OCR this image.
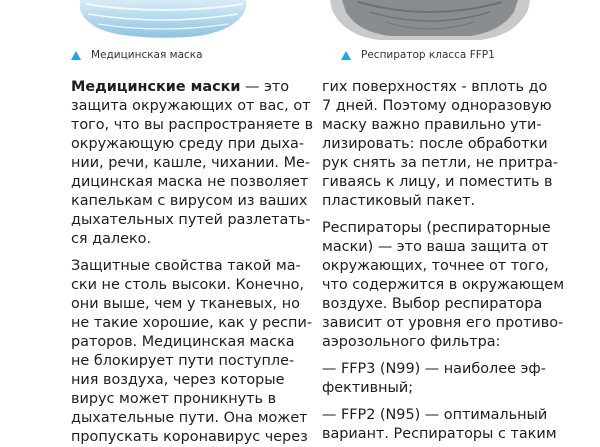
Медицинская маска	Респиратор класса FFP1

Медицинские маски — это
защита окружающих от вас, от
того, что вы распространяете в
окружающую среду при дыха-
нии, речи, кашле, чихании. Ме-
дицинская маска не позволяет
капелькам с вирусом из ваших
дыхательных путей разлетать-
ся далеко.

Защитные свойства такой ма-
ски не столь высоки. Конечно,
они выше, чем у тканевых, но
не такие хорошие, как у респи-
раторов. Медицинская маска
не блокирует пути поступле-
ния воздуха, через которые
вирус может проникнуть в
дыхательные пути. Она может
пропускать коронавирус через

гих поверхностях - вплоть до
7 дней. Поэтому одноразовую
маску важно правильно ути-
лизировать: после обработки
рук снять за петли, не притра-
гиваясь к лицу, и поместить в
пластиковый пакет.

Респираторы (респираторные
маски) — это ваша защита от
окружающих, точнее от того,
что содержится в окружающем
воздухе. Выбор респиратора
зависит от уровня его противо-
аэрозольного фильтра:

— FFP3 (N99) — наиболее эф-
фективный;

— FFP2 (N95) — оптимальный
вариант. Респираторы с таким
